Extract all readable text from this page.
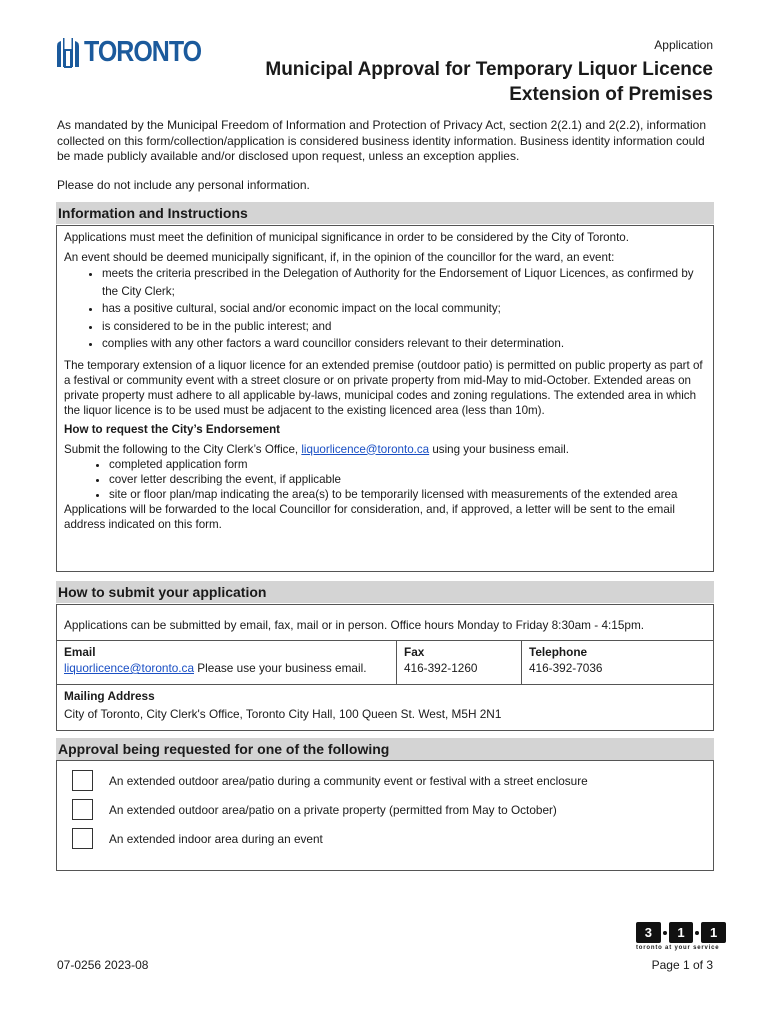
TORONTO	Application
Municipal Approval for Temporary Liquor Licence
Extension of Premises
As mandated by the Municipal Freedom of Information and Protection of Privacy Act, section 2(2.1) and 2(2.2), information collected on this form/collection/application is considered business identity information. Business identity information could be made publicly available and/or disclosed upon request, unless an exception applies.
Please do not include any personal information.
Information and Instructions

Applications must meet the definition of municipal significance in order to be considered by the City of Toronto.

An event should be deemed municipally significant, if, in the opinion of the councillor for the ward, an event:

• meets the criteria prescribed in the Delegation of Authority for the Endorsement of Liquor Licences, as confirmed by the City Clerk;
• has a positive cultural, social and/or economic impact on the local community;
• is considered to be in the public interest; and
• complies with any other factors a ward councillor considers relevant to their determination.

The temporary extension of a liquor licence for an extended premise (outdoor patio) is permitted on public property as part of a festival or community event with a street closure or on private property from mid-May to mid-October. Extended areas on private property must adhere to all applicable by-laws, municipal codes and zoning regulations. The extended area in which the liquor licence is to be used must be adjacent to the existing licenced area (less than 10m).

How to request the City’s Endorsement

Submit the following to the City Clerk’s Office, liquorlicence@toronto.ca using your business email.

• completed application form
• cover letter describing the event, if applicable
• site or floor plan/map indicating the area(s) to be temporarily licensed with measurements of the extended area

Applications will be forwarded to the local Councillor for consideration, and, if approved, a letter will be sent to the email address indicated on this form.

How to submit your application
Applications can be submitted by email, fax, mail or in person. Office hours Monday to Friday 8:30am - 4:15pm.
Email
liquorlicence@toronto.ca Please use your business email.
Fax
416-392-1260
Telephone
416-392-7036
Mailing Address
City of Toronto, City Clerk's Office, Toronto City Hall, 100 Queen St. West, M5H 2N1
Approval being requested for one of the following
An extended outdoor area/patio during a community event or festival with a street enclosure
An extended outdoor area/patio on a private property (permitted from May to October)
An extended indoor area during an event
3	1	1
toronto at your service
07-0256 2023-08	Page 1 of 3
